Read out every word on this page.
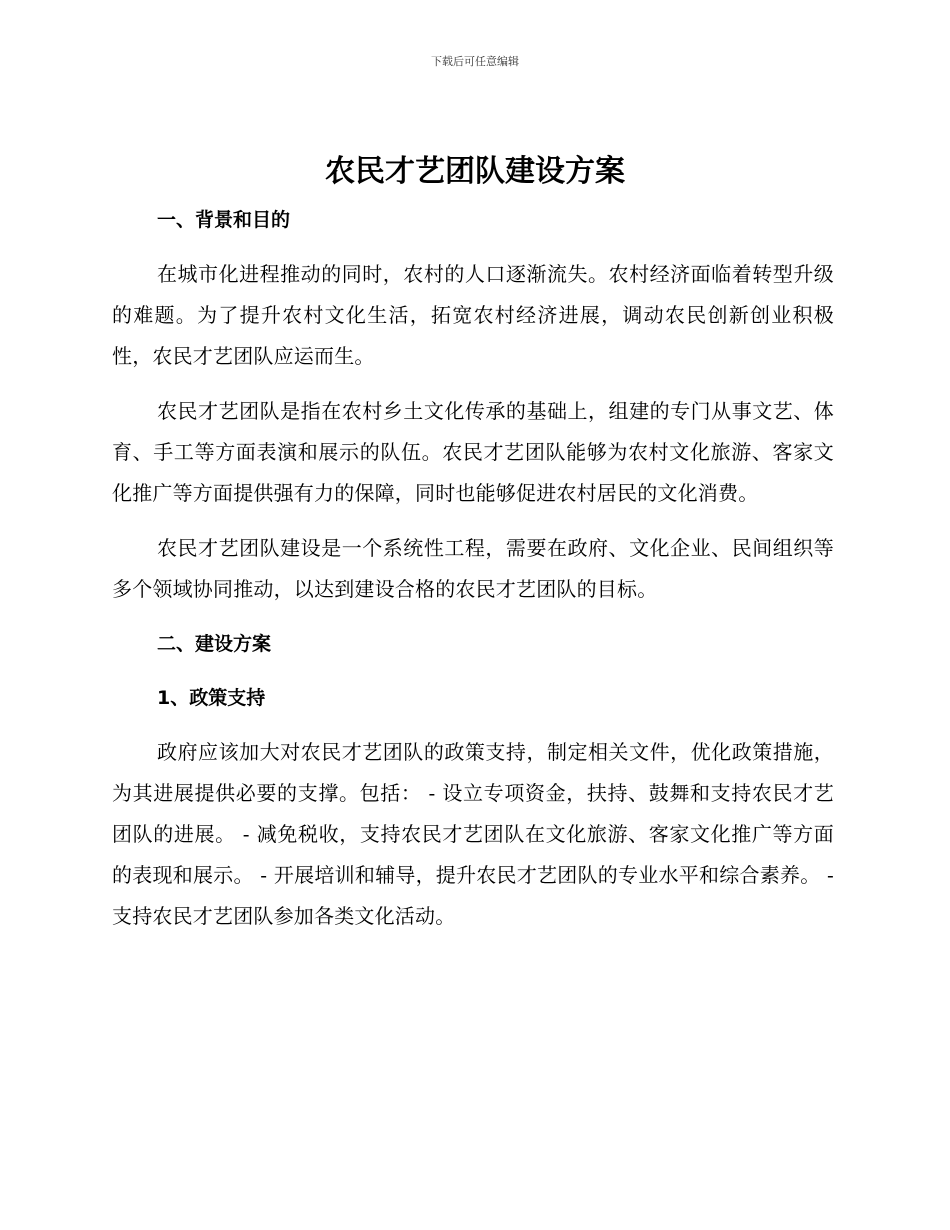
下载后可任意编辑
农民才艺团队建设方案
一、背景和目的

在城市化进程推动的同时，农村的人口逐渐流失。农村经济面临着转型升级的难题。为了提升农村文化生活，拓宽农村经济进展，调动农民创新创业积极性，农民才艺团队应运而生。

农民才艺团队是指在农村乡土文化传承的基础上，组建的专门从事文艺、体育、手工等方面表演和展示的队伍。农民才艺团队能够为农村文化旅游、客家文化推广等方面提供强有力的保障，同时也能够促进农村居民的文化消费。

农民才艺团队建设是一个系统性工程，需要在政府、文化企业、民间组织等多个领域协同推动，以达到建设合格的农民才艺团队的目标。

二、建设方案
1、政策支持

政府应该加大对农民才艺团队的政策支持，制定相关文件，优化政策措施，为其进展提供必要的支撑。包括： - 设立专项资金，扶持、鼓舞和支持农民才艺团队的进展。 - 减免税收，支持农民才艺团队在文化旅游、客家文化推广等方面的表现和展示。 - 开展培训和辅导，提升农民才艺团队的专业水平和综合素养。 - 支持农民才艺团队参加各类文化活动。
